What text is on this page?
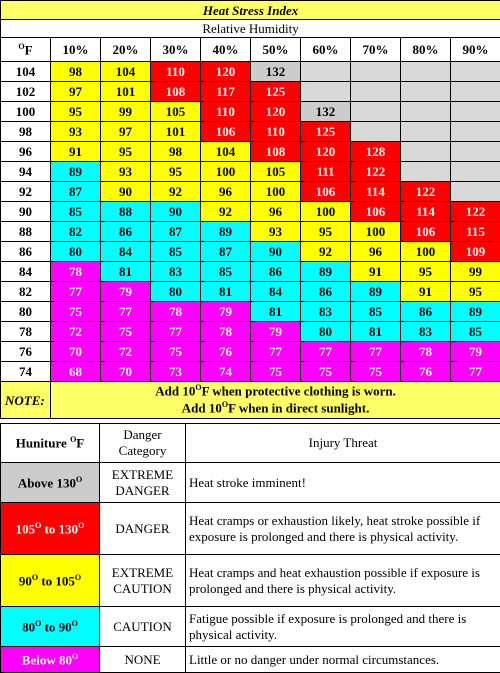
Heat Stress Index									
Relative Humidity									
$^O$F	10%	20%	30%	40%	50%	60%	70%	80%	90%
104	98	104	110	120	132				
102	97	101	108	117	125				
100	95	99	105	110	120	132			
98	93	97	101	106	110	125			
96	91	95	98	104	108	120	128		
94	89	93	95	100	105	111	122		
92	87	90	92	96	100	106	114	122	
90	85	88	90	92	96	100	106	114	122
88	82	86	87	89	93	95	100	106	115
86	80	84	85	87	90	92	96	100	109
84	78	81	83	85	86	89	91	95	99
82	77	79	80	81	84	86	89	91	95
80	75	77	78	79	81	83	85	86	89
78	72	75	77	78	79	80	81	83	85
76	70	72	75	76	77	77	77	78	79
74	68	70	73	74	75	75	75	76	77
NOTE:	Add $10^OF$ when protective clothing is worn.
Add $10^OF$ when in direct sunlight.								
Huniture $^O$F	Danger Category	Injury Threat
Above $130^O$	EXTREME DANGER	Heat stroke imminent!
$105^O$ to $130^O$	DANGER	Heat cramps or exhaustion likely, heat stroke possible if exposure is prolonged and there is physical activity.
$90^O$ to $105^O$	EXTREME CAUTION	Heat cramps and heat exhaustion possible if exposure is prolonged and there is physical activity.
$80^O$ to $90^O$	CAUTION	Fatigue possible if exposure is prolonged and there is physical activity.
Below $80^O$	NONE	Little or no danger under normal circumstances.
